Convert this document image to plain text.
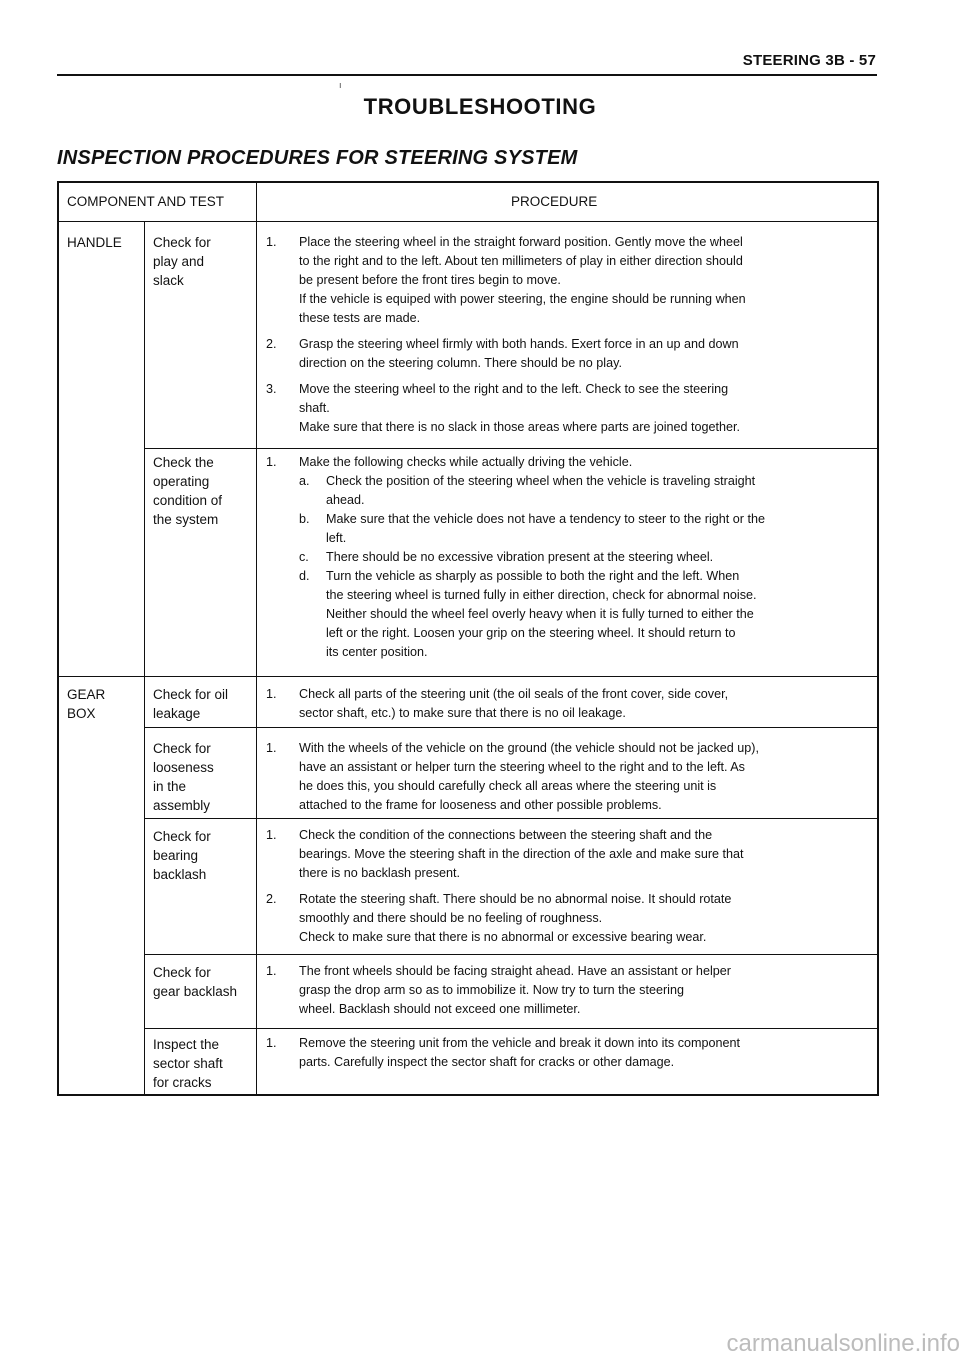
STEERING 3B - 57
ı
TROUBLESHOOTING
INSPECTION PROCEDURES FOR STEERING SYSTEM
COMPONENT AND TEST	PROCEDURE
HANDLE
GEAR
BOX
Check for
play and
slack
Check the
operating
condition of
the system
Check for oil
leakage
Check for
looseness
in the
assembly
Check for
bearing
backlash
Check for
gear backlash
Inspect the
sector shaft
for cracks
1. Place the steering wheel in the straight forward position. Gently move the wheel
to the right and to the left. About ten millimeters of play in either direction should
be present before the front tires begin to move.
If the vehicle is equiped with power steering, the engine should be running when
these tests are made.
2. Grasp the steering wheel firmly with both hands. Exert force in an up and down
direction on the steering column. There should be no play.
3. Move the steering wheel to the right and to the left. Check to see the steering
shaft.
Make sure that there is no slack in those areas where parts are joined together.
1. Make the following checks while actually driving the vehicle.
a. Check the position of the steering wheel when the vehicle is traveling straight
ahead.
b. Make sure that the vehicle does not have a tendency to steer to the right or the
left.
c. There should be no excessive vibration present at the steering wheel.
d. Turn the vehicle as sharply as possible to both the right and the left. When
the steering wheel is turned fully in either direction, check for abnormal noise.
Neither should the wheel feel overly heavy when it is fully turned to either the
left or the right. Loosen your grip on the steering wheel. It should return to
its center position.
1. Check all parts of the steering unit (the oil seals of the front cover, side cover,
sector shaft, etc.) to make sure that there is no oil leakage.
1. With the wheels of the vehicle on the ground (the vehicle should not be jacked up),
have an assistant or helper turn the steering wheel to the right and to the left. As
he does this, you should carefully check all areas where the steering unit is
attached to the frame for looseness and other possible problems.
1. Check the condition of the connections between the steering shaft and the
bearings. Move the steering shaft in the direction of the axle and make sure that
there is no backlash present.
2. Rotate the steering shaft. There should be no abnormal noise. It should rotate
smoothly and there should be no feeling of roughness.
Check to make sure that there is no abnormal or excessive bearing wear.
1. The front wheels should be facing straight ahead. Have an assistant or helper
grasp the drop arm so as to immobilize it. Now try to turn the steering
wheel. Backlash should not exceed one millimeter.
1. Remove the steering unit from the vehicle and break it down into its component
parts. Carefully inspect the sector shaft for cracks or other damage.
carmanualsonline.info
